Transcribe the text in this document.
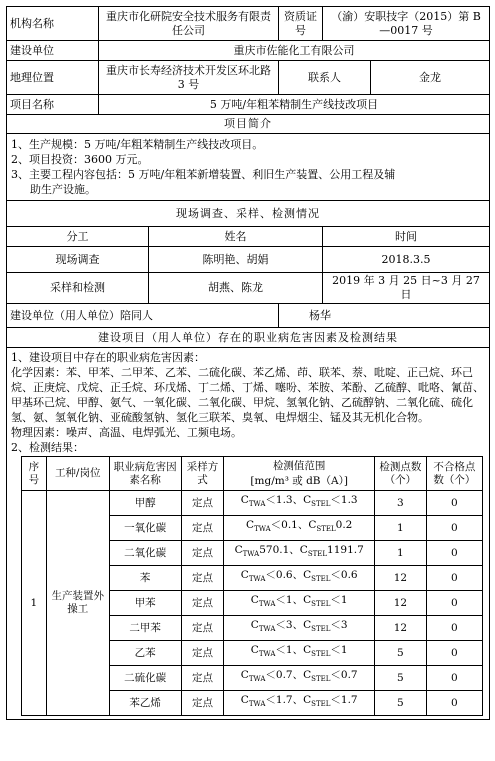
机构名称	重庆市化研院安全技术服务有限责任公司	资质证号	（渝）安职技字（2015）第 B—0017 号
建设单位	重庆市佐能化工有限公司
地理位置	重庆市长寿经济技术开发区环北路 3 号	联系人	金龙
项目名称	5 万吨/年粗苯精制生产线技改项目
项目简介

1、生产规模：5 万吨/年粗苯精制生产线技改项目。
2、项目投资：3600 万元。
3、主要工程内容包括：5 万吨/年粗苯新增装置、利旧生产装置、公用工程及辅
助生产设施。

现场调查、采样、检测情况
分工	姓名	时间
现场调查	陈明艳、胡娟	2018.3.5
采样和检测	胡燕、陈龙	2019 年 3 月 25 日~3 月 27 日
建设单位（用人单位）陪同人	杨华
建设项目（用人单位）存在的职业病危害因素及检测结果

1、建设项目中存在的职业病危害因素：
化学因素：苯、甲苯、二甲苯、乙苯、二硫化碳、苯乙烯、茚、联苯、萘、吡啶、正己烷、环己烷、正庚烷、戊烷、正壬烷、环戊烯、丁二烯、丁烯、噻吩、苯胺、苯酚、乙硫醇、吡咯、氰苗、甲基环己烷、甲醇、氨气、一氧化碳、二氧化碳、甲烷、氢氧化钠、乙硫醇钠、二氧化硫、硫化氢、氨、氢氧化钠、亚硫酸氢钠、氢化三联苯、臭氧、电焊烟尘、锰及其无机化合物。
物理因素：噪声、高温、电焊弧光、工频电场。
2、检测结果：
序号	工种/岗位	职业病危害因素名称	采样方式	
检测值范围
[mg/m³ 或 dB（A）]
	检测点数（个）	不合格点数（个）
1	生产装置外操工	甲醇	定点	$C_{TWA}<1.3$、$C_{STEL}<1.3$	3	0
一氧化碳	定点	$C_{TWA}<0.1$、$C_{STEL}0.2$	1	0
二氧化碳	定点	$C_{TWA}570.1$、$C_{STEL}1191.7$	1	0
苯	定点	$C_{TWA}<0.6$、$C_{STEL}<0.6$	12	0
甲苯	定点	$C_{TWA}<1$、$C_{STEL}<1$	12	0
二甲苯	定点	$C_{TWA}<3$、$C_{STEL}<3$	12	0
乙苯	定点	$C_{TWA}<1$、$C_{STEL}<1$	5	0
二硫化碳	定点	$C_{TWA}<0.7$、$C_{STEL}<0.7$	5	0
苯乙烯	定点	$C_{TWA}<1.7$、$C_{STEL}<1.7$	5	0
